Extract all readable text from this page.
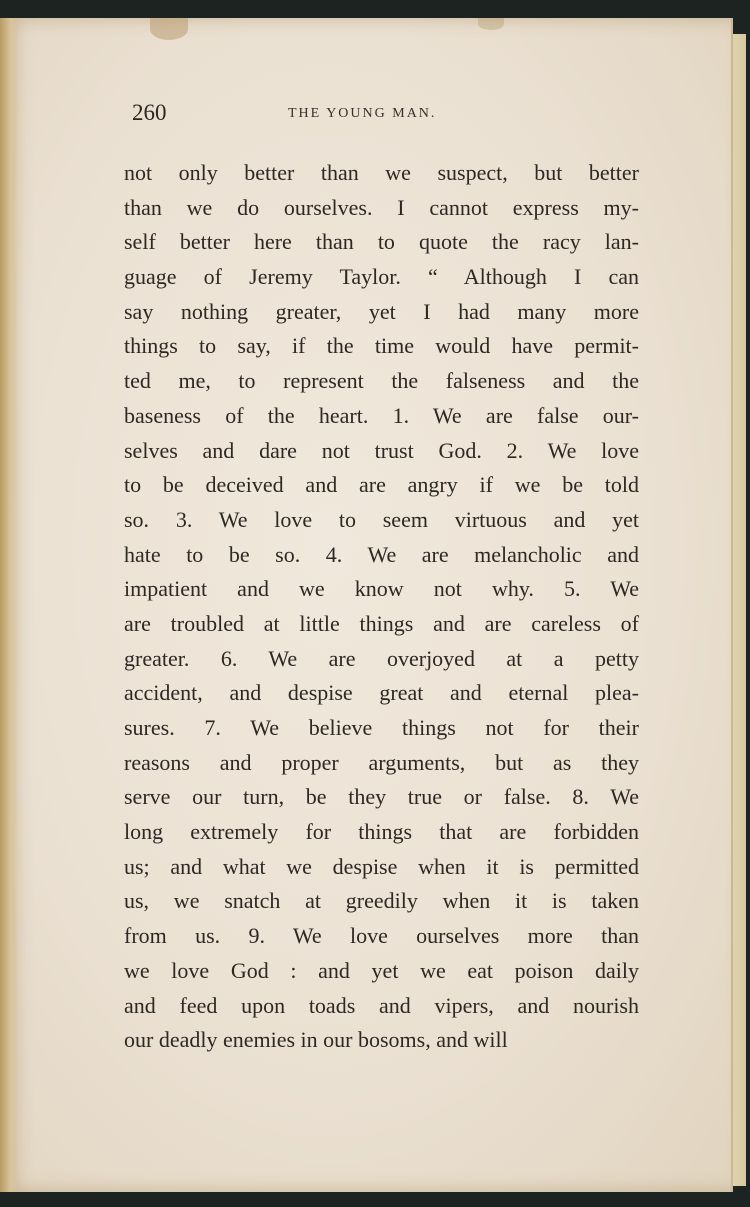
260	THE YOUNG MAN.
not only better than we suspect, but better
than we do ourselves. I cannot express my-
self better here than to quote the racy lan-
guage of Jeremy Taylor. “ Although I can
say nothing greater, yet I had many more
things to say, if the time would have permit-
ted me, to represent the falseness and the
baseness of the heart. 1. We are false our-
selves and dare not trust God. 2. We love
to be deceived and are angry if we be told
so. 3. We love to seem virtuous and yet
hate to be so. 4. We are melancholic and
impatient and we know not why. 5. We
are troubled at little things and are careless of
greater. 6. We are overjoyed at a petty
accident, and despise great and eternal plea-
sures. 7. We believe things not for their
reasons and proper arguments, but as they
serve our turn, be they true or false. 8. We
long extremely for things that are forbidden
us; and what we despise when it is permitted
us, we snatch at greedily when it is taken
from us. 9. We love ourselves more than
we love God : and yet we eat poison daily
and feed upon toads and vipers, and nourish
our deadly enemies in our bosoms, and will
